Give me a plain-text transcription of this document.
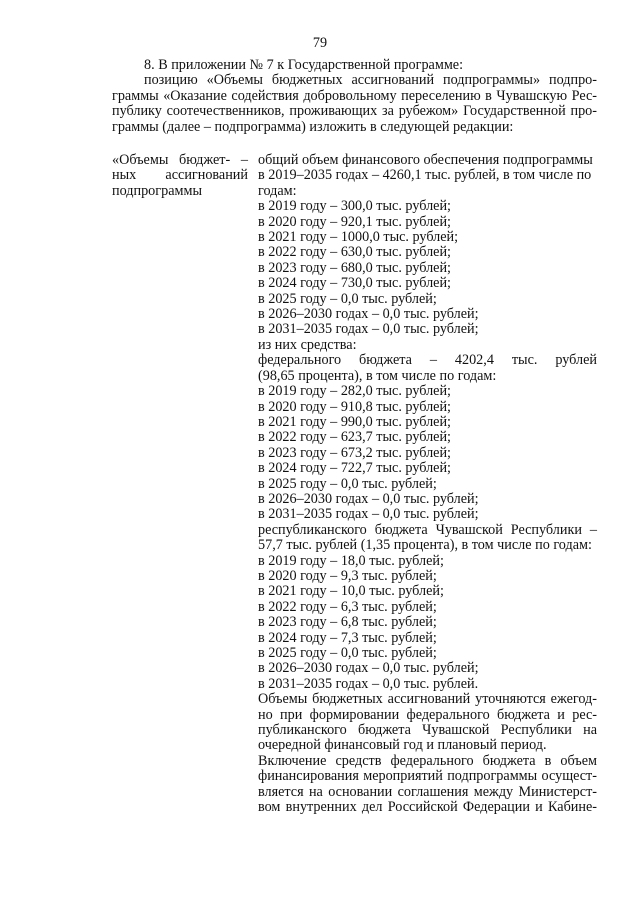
79

8. В приложении № 7 к Государственной программе:

позицию «Объемы бюджетных ассигнований подпрограммы» подпро-

граммы «Оказание содействия добровольному переселению в Чувашскую Рес-

публику соотечественников, проживающих за рубежом» Государственной про-

граммы (далее – подпрограмма) изложить в следующей редакции:

«Объемы бюджет- –
ных ассигнований
подпрограммы
общий объем финансового обеспечения подпрограммы
в 2019–2035 годах – 4260,1 тыс. рублей, в том числе по
годам:
в 2019 году – 300,0 тыс. рублей;
в 2020 году – 920,1 тыс. рублей;
в 2021 году – 1000,0 тыс. рублей;
в 2022 году – 630,0 тыс. рублей;
в 2023 году – 680,0 тыс. рублей;
в 2024 году – 730,0 тыс. рублей;
в 2025 году – 0,0 тыс. рублей;
в 2026–2030 годах – 0,0 тыс. рублей;
в 2031–2035 годах – 0,0 тыс. рублей;
из них средства:
федерального бюджета – 4202,4 тыс. рублей
(98,65 процента), в том числе по годам:
в 2019 году – 282,0 тыс. рублей;
в 2020 году – 910,8 тыс. рублей;
в 2021 году – 990,0 тыс. рублей;
в 2022 году – 623,7 тыс. рублей;
в 2023 году – 673,2 тыс. рублей;
в 2024 году – 722,7 тыс. рублей;
в 2025 году – 0,0 тыс. рублей;
в 2026–2030 годах – 0,0 тыс. рублей;
в 2031–2035 годах – 0,0 тыс. рублей;
республиканского бюджета Чувашской Республики –
57,7 тыс. рублей (1,35 процента), в том числе по годам:
в 2019 году – 18,0 тыс. рублей;
в 2020 году – 9,3 тыс. рублей;
в 2021 году – 10,0 тыс. рублей;
в 2022 году – 6,3 тыс. рублей;
в 2023 году – 6,8 тыс. рублей;
в 2024 году – 7,3 тыс. рублей;
в 2025 году – 0,0 тыс. рублей;
в 2026–2030 годах – 0,0 тыс. рублей;
в 2031–2035 годах – 0,0 тыс. рублей.
Объемы бюджетных ассигнований уточняются ежегод-
но при формировании федерального бюджета и рес-
публиканского бюджета Чувашской Республики на
очередной финансовый год и плановый период.
Включение средств федерального бюджета в объем
финансирования мероприятий подпрограммы осущест-
вляется на основании соглашения между Министерст-
вом внутренних дел Российской Федерации и Кабине-
